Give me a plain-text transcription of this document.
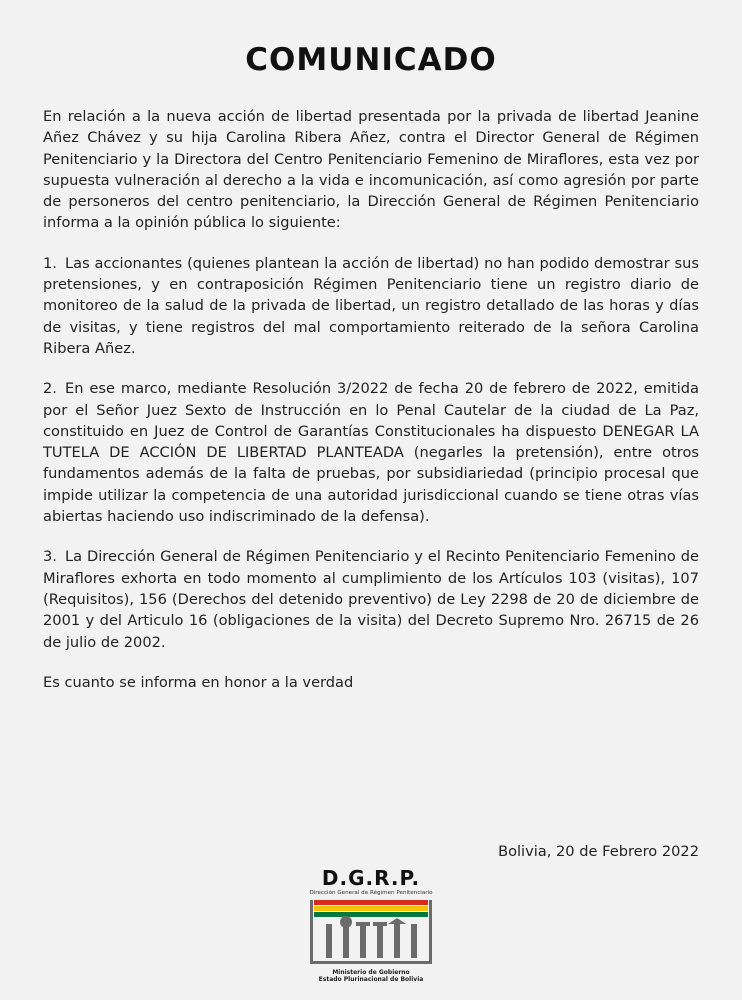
COMUNICADO

En relación a la nueva acción de libertad presentada por la privada de libertad Jeanine Añez Chávez y su hija Carolina Ribera Añez, contra el Director General de Régimen Penitenciario y la Directora del Centro Penitenciario Femenino de Miraflores, esta vez por supuesta vulneración al derecho a la vida e incomunicación, así como agresión por parte de personeros del centro penitenciario, la Dirección General de Régimen Penitenciario informa a la opinión pública lo siguiente:

1. Las accionantes (quienes plantean la acción de libertad) no han podido demostrar sus pretensiones, y en contraposición Régimen Penitenciario tiene un registro diario de monitoreo de la salud de la privada de libertad, un registro detallado de las horas y días de visitas, y tiene registros del mal comportamiento reiterado de la señora Carolina Ribera Añez.

2. En ese marco, mediante Resolución 3/2022 de fecha 20 de febrero de 2022, emitida por el Señor Juez Sexto de Instrucción en lo Penal Cautelar de la ciudad de La Paz, constituido en Juez de Control de Garantías Constitucionales ha dispuesto DENEGAR LA TUTELA DE ACCIÓN DE LIBERTAD PLANTEADA (negarles la pretensión), entre otros fundamentos además de la falta de pruebas, por subsidiariedad (principio procesal que impide utilizar la competencia de una autoridad jurisdiccional cuando se tiene otras vías abiertas haciendo uso indiscriminado de la defensa).

3. La Dirección General de Régimen Penitenciario y el Recinto Penitenciario Femenino de Miraflores exhorta en todo momento al cumplimiento de los Artículos 103 (visitas), 107 (Requisitos), 156 (Derechos del detenido preventivo) de Ley 2298 de 20 de diciembre de 2001 y del Articulo 16 (obligaciones de la visita) del Decreto Supremo Nro. 26715 de 26 de julio de 2002.

Es cuanto se informa en honor a la verdad

Bolivia, 20 de Febrero 2022
D.G.R.P.
Dirección General de Régimen Penitenciario
Ministerio de Gobierno
Estado Plurinacional de Bolivia
